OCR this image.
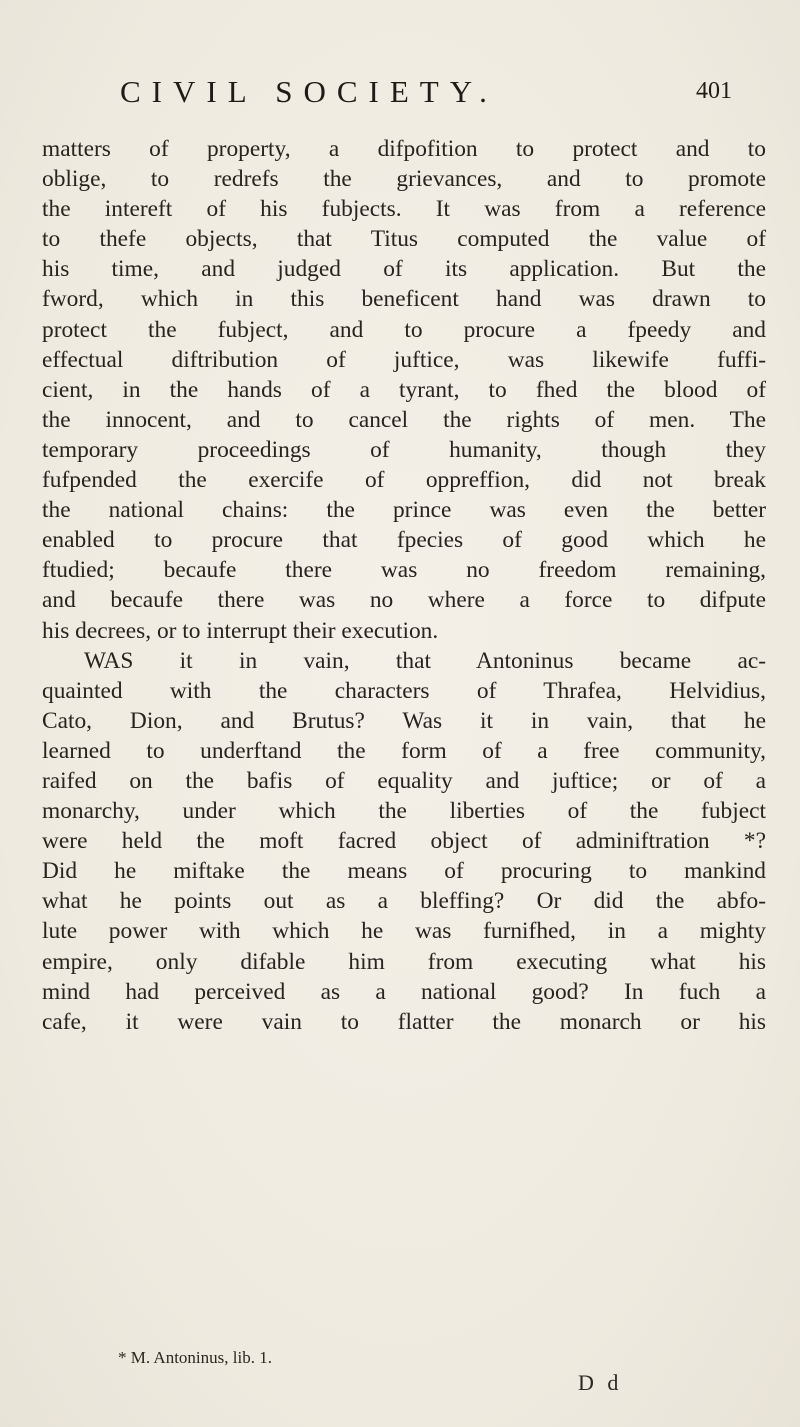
CIVIL SOCIETY.	401
matters of property, a difpofition to protect and to
oblige, to redrefs the grievances, and to promote
the intereft of his fubjects. It was from a reference
to thefe objects, that Titus computed the value of
his time, and judged of its application. But the
fword, which in this beneficent hand was drawn to
protect the fubject, and to procure a fpeedy and
effectual diftribution of juftice, was likewife fuffi-
cient, in the hands of a tyrant, to fhed the blood of
the innocent, and to cancel the rights of men. The
temporary proceedings of humanity, though they
fufpended the exercife of oppreffion, did not break
the national chains: the prince was even the better
enabled to procure that fpecies of good which he
ftudied; becaufe there was no freedom remaining,
and becaufe there was no where a force to difpute
his decrees, or to interrupt their execution.
WAS it in vain, that Antoninus became ac-
quainted with the characters of Thrafea, Helvidius,
Cato, Dion, and Brutus? Was it in vain, that he
learned to underftand the form of a free community,
raifed on the bafis of equality and juftice; or of a
monarchy, under which the liberties of the fubject
were held the moft facred object of adminiftration *?
Did he miftake the means of procuring to mankind
what he points out as a bleffing? Or did the abfo-
lute power with which he was furnifhed, in a mighty
empire, only difable him from executing what his
mind had perceived as a national good? In fuch a
cafe, it were vain to flatter the monarch or his
* M. Antoninus, lib. 1.
D d
